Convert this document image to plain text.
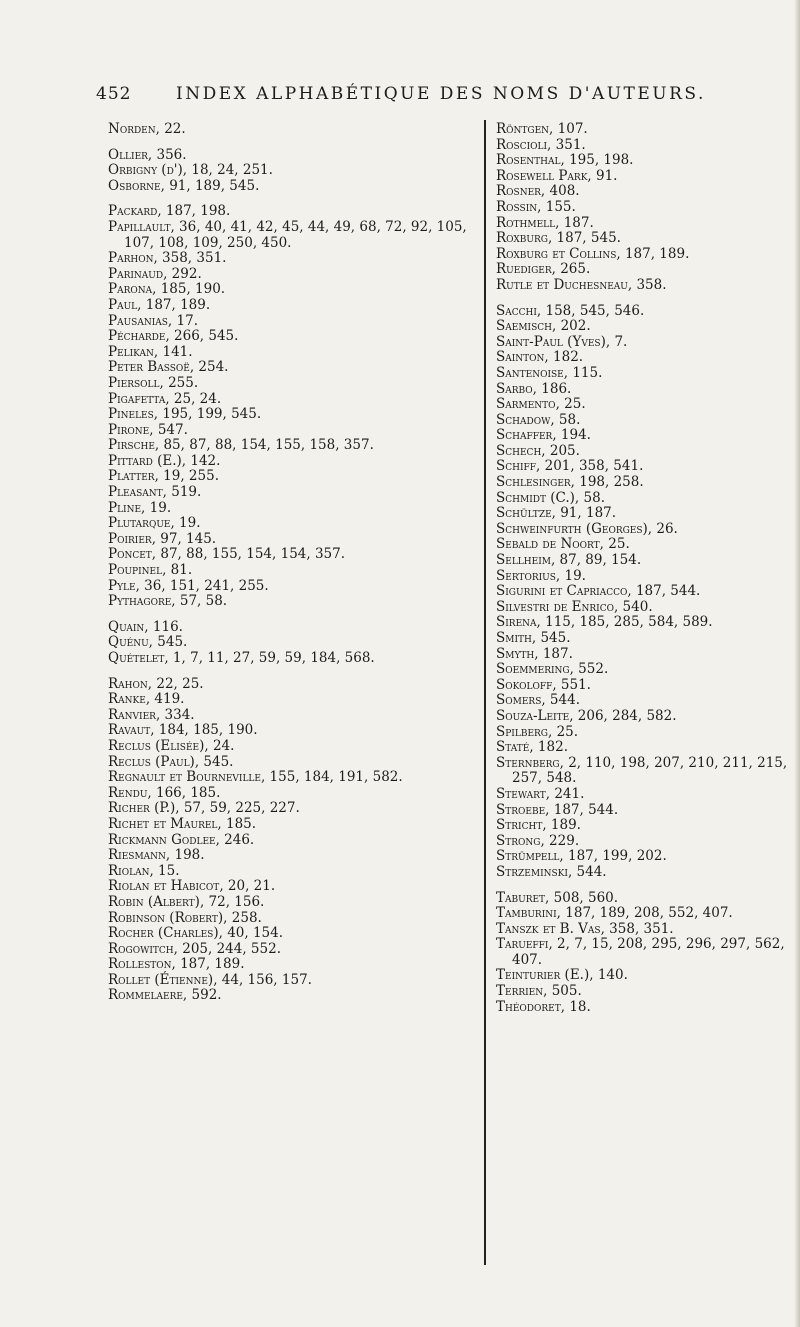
452	INDEX ALPHABÉTIQUE DES NOMS D'AUTEURS.
Norden, 22.
Ollier, 356.
Orbigny (d'), 18, 24, 251.
Osborne, 91, 189, 545.
Packard, 187, 198.
Papillault, 36, 40, 41, 42, 45, 44, 49, 68, 72, 92, 105, 107, 108, 109, 250, 450.
Parhon, 358, 351.
Parinaud, 292.
Parona, 185, 190.
Paul, 187, 189.
Pausanias, 17.
Pécharde, 266, 545.
Pelikan, 141.
Peter Bassoë, 254.
Piersoll, 255.
Pigafetta, 25, 24.
Pineles, 195, 199, 545.
Pirone, 547.
Pirsche, 85, 87, 88, 154, 155, 158, 357.
Pittard (E.), 142.
Platter, 19, 255.
Pleasant, 519.
Pline, 19.
Plutarque, 19.
Poirier, 97, 145.
Poncet, 87, 88, 155, 154, 154, 357.
Poupinel, 81.
Pyle, 36, 151, 241, 255.
Pythagore, 57, 58.
Quain, 116.
Quénu, 545.
Quételet, 1, 7, 11, 27, 59, 59, 184, 568.
Rahon, 22, 25.
Ranke, 419.
Ranvier, 334.
Ravaut, 184, 185, 190.
Reclus (Elisée), 24.
Reclus (Paul), 545.
Regnault et Bourneville, 155, 184, 191, 582.
Rendu, 166, 185.
Richer (P.), 57, 59, 225, 227.
Richet et Maurel, 185.
Rickmann Godlee, 246.
Riesmann, 198.
Riolan, 15.
Riolan et Habicot, 20, 21.
Robin (Albert), 72, 156.
Robinson (Robert), 258.
Rocher (Charles), 40, 154.
Rogowitch, 205, 244, 552.
Rolleston, 187, 189.
Rollet (Étienne), 44, 156, 157.
Rommelaere, 592.
Röntgen, 107.
Roscioli, 351.
Rosenthal, 195, 198.
Rosewell Park, 91.
Rosner, 408.
Rossin, 155.
Rothmell, 187.
Roxburg, 187, 545.
Roxburg et Collins, 187, 189.
Ruediger, 265.
Rutle et Duchesneau, 358.
Sacchi, 158, 545, 546.
Saemisch, 202.
Saint-Paul (Yves), 7.
Sainton, 182.
Santenoise, 115.
Sarbo, 186.
Sarmento, 25.
Schadow, 58.
Schaffer, 194.
Schech, 205.
Schiff, 201, 358, 541.
Schlesinger, 198, 258.
Schmidt (C.), 58.
Schültze, 91, 187.
Schweinfurth (Georges), 26.
Sebald de Noort, 25.
Sellheim, 87, 89, 154.
Sertorius, 19.
Sigurini et Capriacco, 187, 544.
Silvestri de Enrico, 540.
Sirena, 115, 185, 285, 584, 589.
Smith, 545.
Smyth, 187.
Soemmering, 552.
Sokoloff, 551.
Somers, 544.
Souza-Leite, 206, 284, 582.
Spilberg, 25.
Staté, 182.
Sternberg, 2, 110, 198, 207, 210, 211, 215, 257, 548.
Stewart, 241.
Stroebe, 187, 544.
Stricht, 189.
Strong, 229.
Strümpell, 187, 199, 202.
Strzeminski, 544.
Taburet, 508, 560.
Tamburini, 187, 189, 208, 552, 407.
Tanszk et B. Vas, 358, 351.
Tarueffi, 2, 7, 15, 208, 295, 296, 297, 562, 407.
Teinturier (E.), 140.
Terrien, 505.
Théodoret, 18.
